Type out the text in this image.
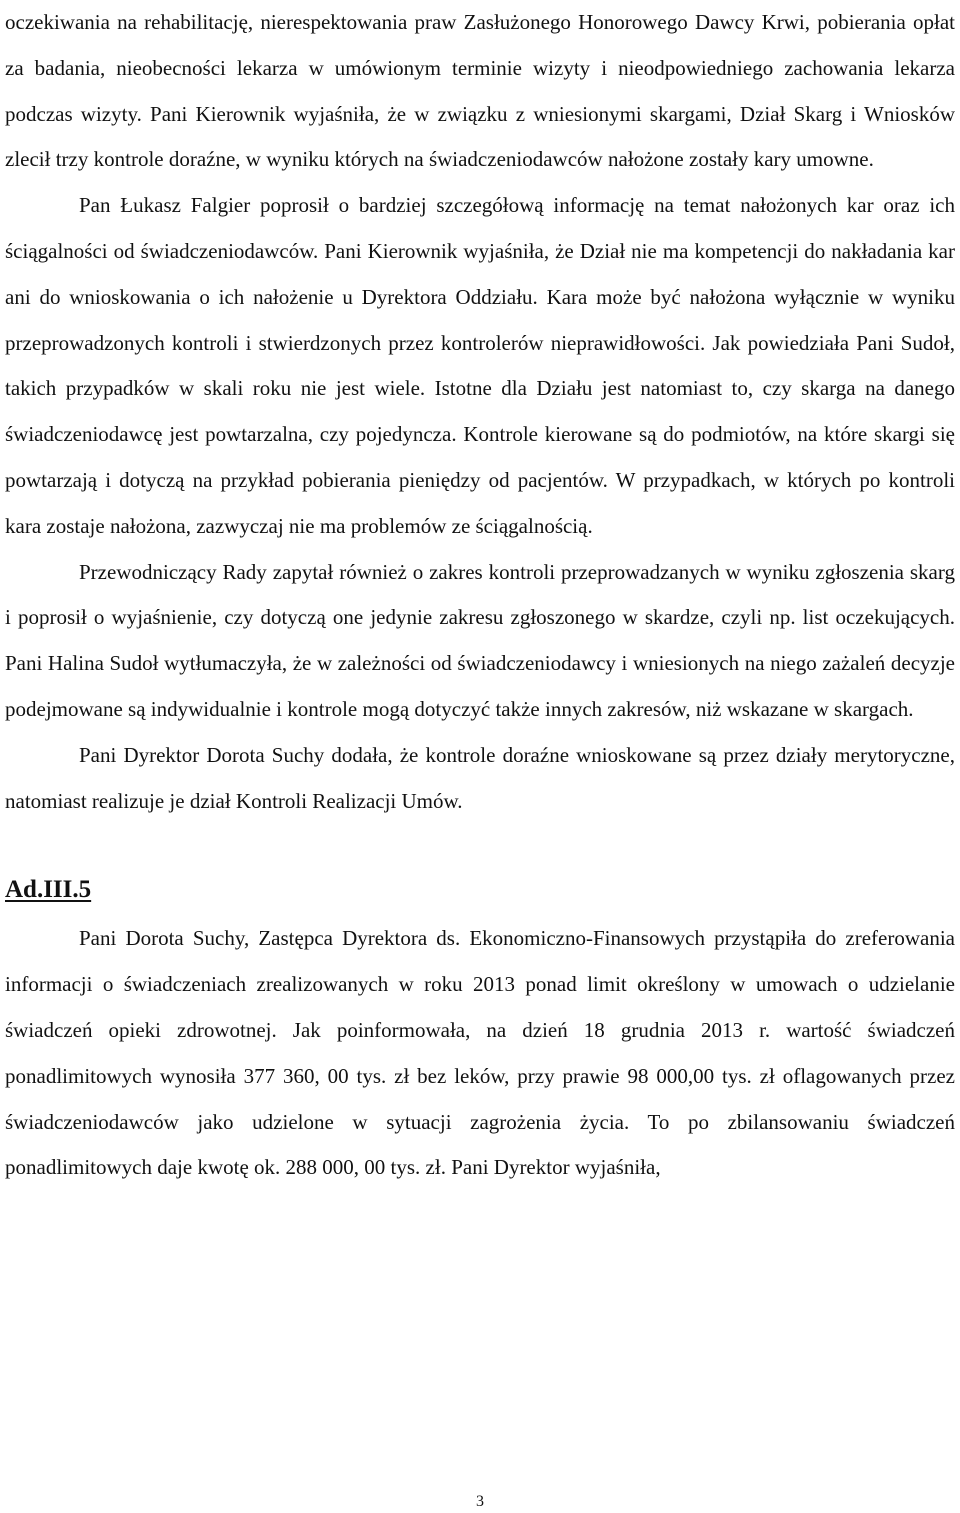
oczekiwania na rehabilitację, nierespektowania praw Zasłużonego Honorowego Dawcy Krwi, pobierania opłat za badania, nieobecności lekarza w umówionym terminie wizyty i nieodpowiedniego zachowania lekarza podczas wizyty. Pani Kierownik wyjaśniła, że w związku z wniesionymi skargami, Dział Skarg i Wniosków zlecił trzy kontrole doraźne, w wyniku których na świadczeniodawców nałożone zostały kary umowne.

Pan Łukasz Falgier poprosił o bardziej szczegółową informację na temat nałożonych kar oraz ich ściągalności od świadczeniodawców. Pani Kierownik wyjaśniła, że Dział nie ma kompetencji do nakładania kar ani do wnioskowania o ich nałożenie u Dyrektora Oddziału. Kara może być nałożona wyłącznie w wyniku przeprowadzonych kontroli i stwierdzonych przez kontrolerów nieprawidłowości. Jak powiedziała Pani Sudoł, takich przypadków w skali roku nie jest wiele. Istotne dla Działu jest natomiast to, czy skarga na danego świadczeniodawcę jest powtarzalna, czy pojedyncza. Kontrole kierowane są do podmiotów, na które skargi się powtarzają i dotyczą na przykład pobierania pieniędzy od pacjentów. W przypadkach, w których po kontroli kara zostaje nałożona, zazwyczaj nie ma problemów ze ściągalnością.

Przewodniczący Rady zapytał również o zakres kontroli przeprowadzanych w wyniku zgłoszenia skarg i poprosił o wyjaśnienie, czy dotyczą one jedynie zakresu zgłoszonego w skardze, czyli np. list oczekujących. Pani Halina Sudoł wytłumaczyła, że w zależności od świadczeniodawcy i wniesionych na niego zażaleń decyzje podejmowane są indywidualnie i kontrole mogą dotyczyć także innych zakresów, niż wskazane w skargach.

Pani Dyrektor Dorota Suchy dodała, że kontrole doraźne wnioskowane są przez działy merytoryczne, natomiast realizuje je dział Kontroli Realizacji Umów.

Ad.III.5

Pani Dorota Suchy, Zastępca Dyrektora ds. Ekonomiczno-Finansowych przystąpiła do zreferowania informacji o świadczeniach zrealizowanych w roku 2013 ponad limit określony w umowach o udzielanie świadczeń opieki zdrowotnej. Jak poinformowała, na dzień 18 grudnia 2013 r. wartość świadczeń ponadlimitowych wynosiła 377 360, 00 tys. zł bez leków, przy prawie 98 000,00 tys. zł oflagowanych przez świadczeniodawców jako udzielone w sytuacji zagrożenia życia. To po zbilansowaniu świadczeń ponadlimitowych daje kwotę ok. 288 000, 00 tys. zł. Pani Dyrektor wyjaśniła,

3
